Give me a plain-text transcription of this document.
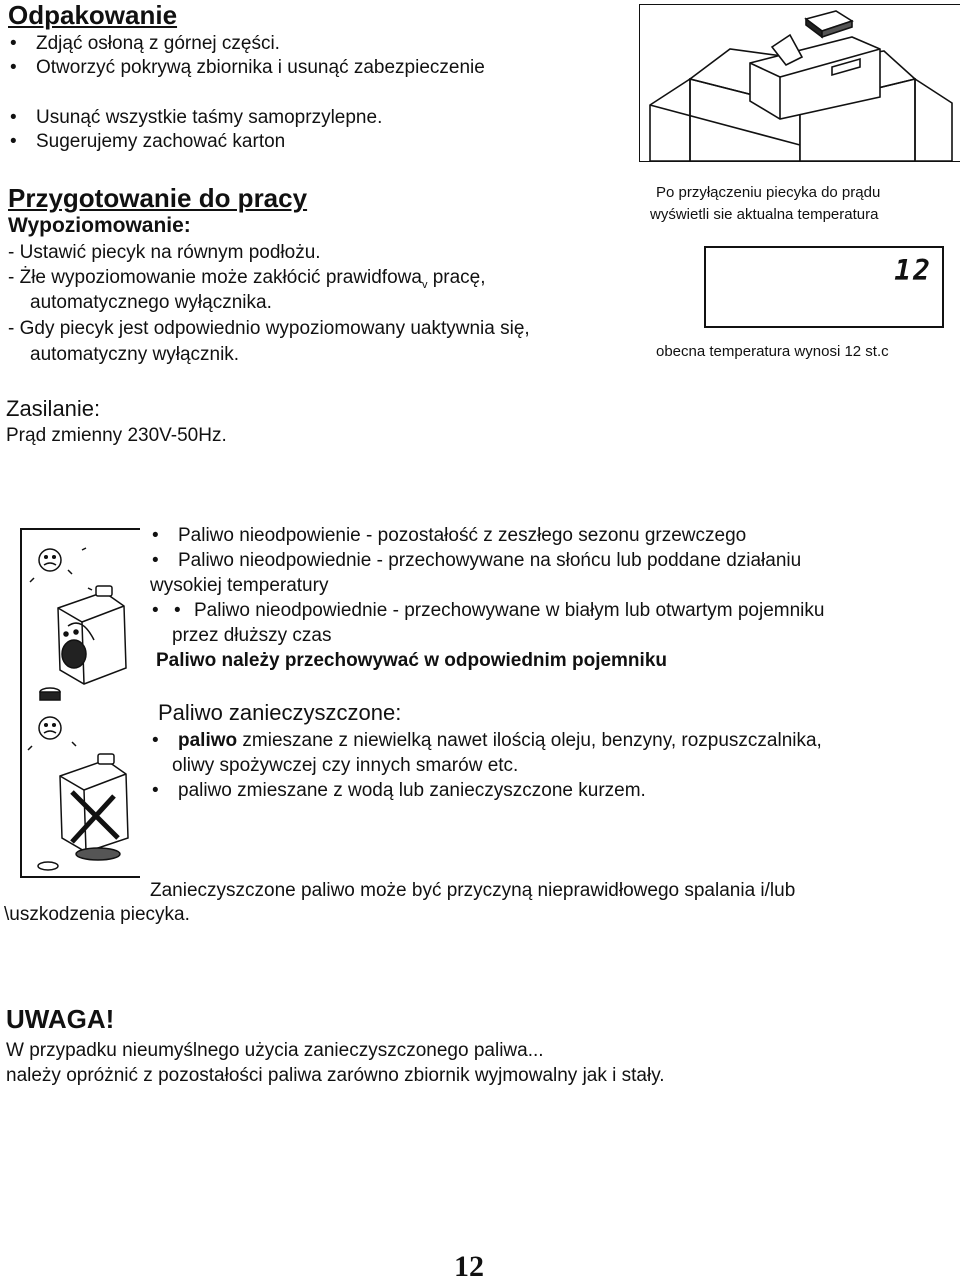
Odpakowanie
• Zdjąć osłoną z górnej części.
• Otworzyć pokrywą zbiornika i usunąć zabezpieczenie
• Usunąć wszystkie taśmy samoprzylepne.
• Sugerujemy zachować karton
Przygotowanie do pracy
Wypoziomowanie:
- Ustawić piecyk na równym podłożu.
- Żłe wypoziomowanie może zakłócić prawidfowa$_v$ pracę,
automatycznego wyłącznika.
- Gdy piecyk jest odpowiednio wypoziomowany uaktywnia się,
automatyczny wyłącznik.
Po przyłączeniu piecyka do prądu
wyświetli sie aktualna temperatura
12
obecna temperatura wynosi 12 st.c
Zasilanie:
Prąd zmienny 230V-50Hz.
• Paliwo nieodpowienie - pozostałość z zeszłego sezonu grzewczego
• Paliwo nieodpowiednie - przechowywane na słońcu lub poddane działaniu
wysokiej temperatury
• • Paliwo nieodpowiednie - przechowywane w białym lub otwartym pojemniku
przez dłuższy czas
Paliwo należy przechowywać w odpowiednim pojemniku
Paliwo zanieczyszczone:
• paliwo zmieszane z niewielką nawet ilością oleju, benzyny, rozpuszczalnika,
oliwy spożywczej czy innych smarów etc.
• paliwo zmieszane z wodą lub zanieczyszczone kurzem.
Zanieczyszczone paliwo może być przyczyną nieprawidłowego spalania i/lub
\uszkodzenia piecyka.
UWAGA!
W przypadku nieumyślnego użycia zanieczyszczonego paliwa...
należy opróżnić z pozostałości paliwa zarówno zbiornik wyjmowalny jak i stały.
12
